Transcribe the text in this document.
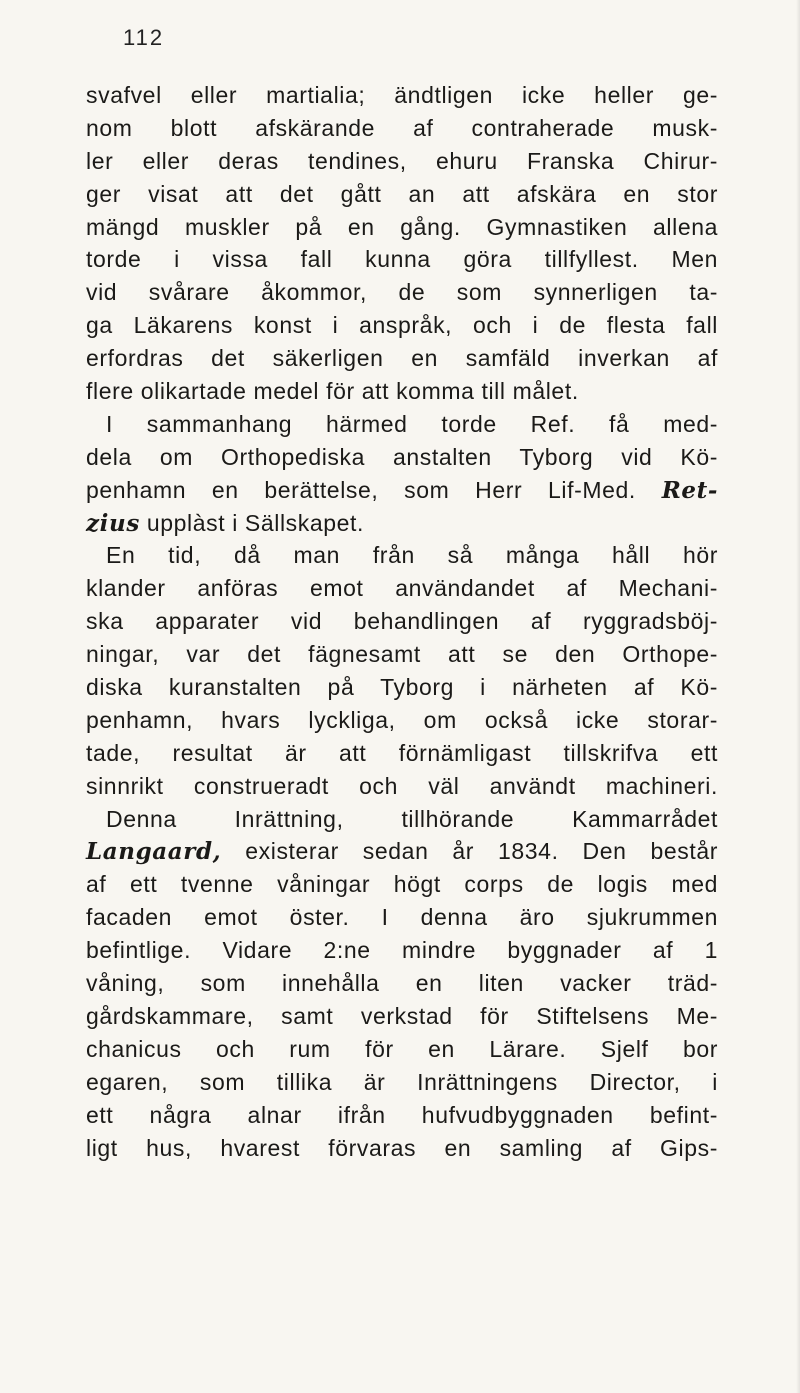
112
svafvel eller martialia; ändtligen icke heller ge-
nom blott afskärande af contraherade musk-
ler eller deras tendines, ehuru Franska Chirur-
ger visat att det gått an att afskära en stor
mängd muskler på en gång. Gymnastiken allena
torde i vissa fall kunna göra tillfyllest. Men
vid svårare åkommor, de som synnerligen ta-
ga Läkarens konst i anspråk, och i de flesta fall
erfordras det säkerligen en samfäld inverkan af
flere olikartade medel för att komma till målet.
I sammanhang härmed torde Ref. få med-
dela om Orthopediska anstalten Tyborg vid Kö-
penhamn en berättelse, som Herr Lif-Med. Ret-
zius upplàst i Sällskapet.
En tid, då man från så många håll hör
klander anföras emot användandet af Mechani-
ska apparater vid behandlingen af ryggradsböj-
ningar, var det fägnesamt att se den Orthope-
diska kuranstalten på Tyborg i närheten af Kö-
penhamn, hvars lyckliga, om också icke storar-
tade, resultat är att förnämligast tillskrifva ett
sinnrikt construeradt och väl användt machineri.
Denna Inrättning, tillhörande Kammarrådet
Langaard, existerar sedan år 1834. Den består
af ett tvenne våningar högt corps de logis med
facaden emot öster. I denna äro sjukrummen
befintlige. Vidare 2:ne mindre byggnader af 1
våning, som innehålla en liten vacker träd-
gårdskammare, samt verkstad för Stiftelsens Me-
chanicus och rum för en Lärare. Sjelf bor
egaren, som tillika är Inrättningens Director, i
ett några alnar ifrån hufvudbyggnaden befint-
ligt hus, hvarest förvaras en samling af Gips-
